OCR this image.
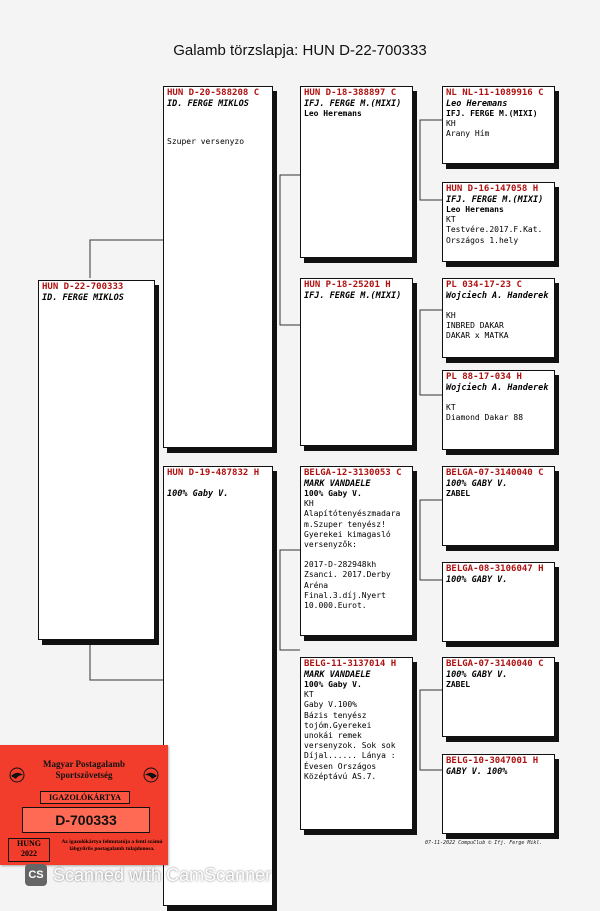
Galamb törzslapja: HUN D-22-700333
HUN D-22-700333
ID. FERGE MIKLOS
HUN D-20-588208 C
ID. FERGE MIKLOS
Szuper versenyzo
HUN D-19-487832 H
100% Gaby V.
HUN D-18-388897 C
IFJ. FERGE M.(MIXI)
Leo Heremans
HUN P-18-25201 H
IFJ. FERGE M.(MIXI)
BELGA-12-3130053 C
MARK VANDAELE
100% Gaby V.
KH
Alapítótenyészmadara
m.Szuper tenyész!
Gyerekei kimagasló
versenyzők:
2017-D-282948kh
Zsanci. 2017.Derby
Aréna
Final.3.díj.Nyert
10.000.Eurot.
BELG-11-3137014 H
MARK VANDAELE
100% Gaby V.
KT
Gaby V.100%
Bázis tenyész
tojóm.Gyerekei
unokái remek
versenyzok. Sok sok
Díjal...... Lánya :
Évesen Országos
Középtávú AS.7.
NL NL-11-1089916 C
Leo Heremans
IFJ. FERGE M.(MIXI)
KH
Arany Hím
HUN D-16-147058 H
IFJ. FERGE M.(MIXI)
Leo Heremans
KT
Testvére.2017.F.Kat.
Országos 1.hely
PL 034-17-23 C
Wojciech A. Handerek
KH
INBRED DAKAR
DAKAR x MATKA
PL 88-17-034 H
Wojciech A. Handerek
KT
Diamond Dakar 88
BELGA-07-3140040 C
100% GABY V.
ZABEL
BELGA-08-3106047 H
100% GABY V.
BELGA-07-3140040 C
100% GABY V.
ZABEL
BELG-10-3047001 H
GABY V. 100%
07-11-2022 CompuClub © Ifj. Ferge Mikl.
Magyar Postagalamb
Sportszövetség
IGAZOLÓKÁRTYA
D-700333
HUNG
2022
Az igazolókártya felmutatója a fenti számú lábgyűrűs postagalamb tulajdonosa.
CS Scanned with CamScanner
